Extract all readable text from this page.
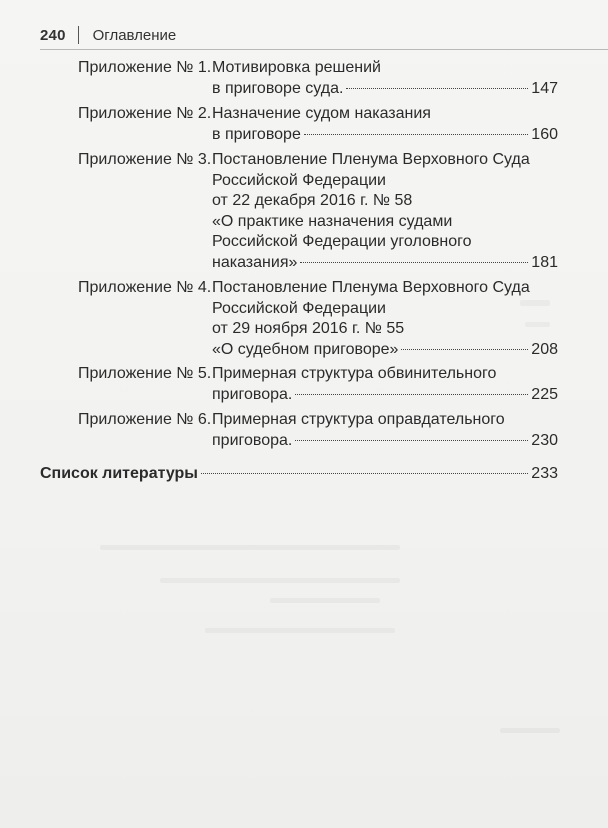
240 Оглавление
Приложение № 1. Мотивировка решений
в приговоре суда.	147
Приложение № 2. Назначение судом наказания
в приговоре	160
Приложение № 3. Постановление Пленума Верховного Суда
Российской Федерации
от 22 декабря 2016 г. № 58
«О практике назначения судами
Российской Федерации уголовного
наказания»	181
Приложение № 4. Постановление Пленума Верховного Суда
Российской Федерации
от 29 ноября 2016 г. № 55
«О судебном приговоре»	208
Приложение № 5. Примерная структура обвинительного
приговора.	225
Приложение № 6. Примерная структура оправдательного
приговора.	230
Список литературы	233
